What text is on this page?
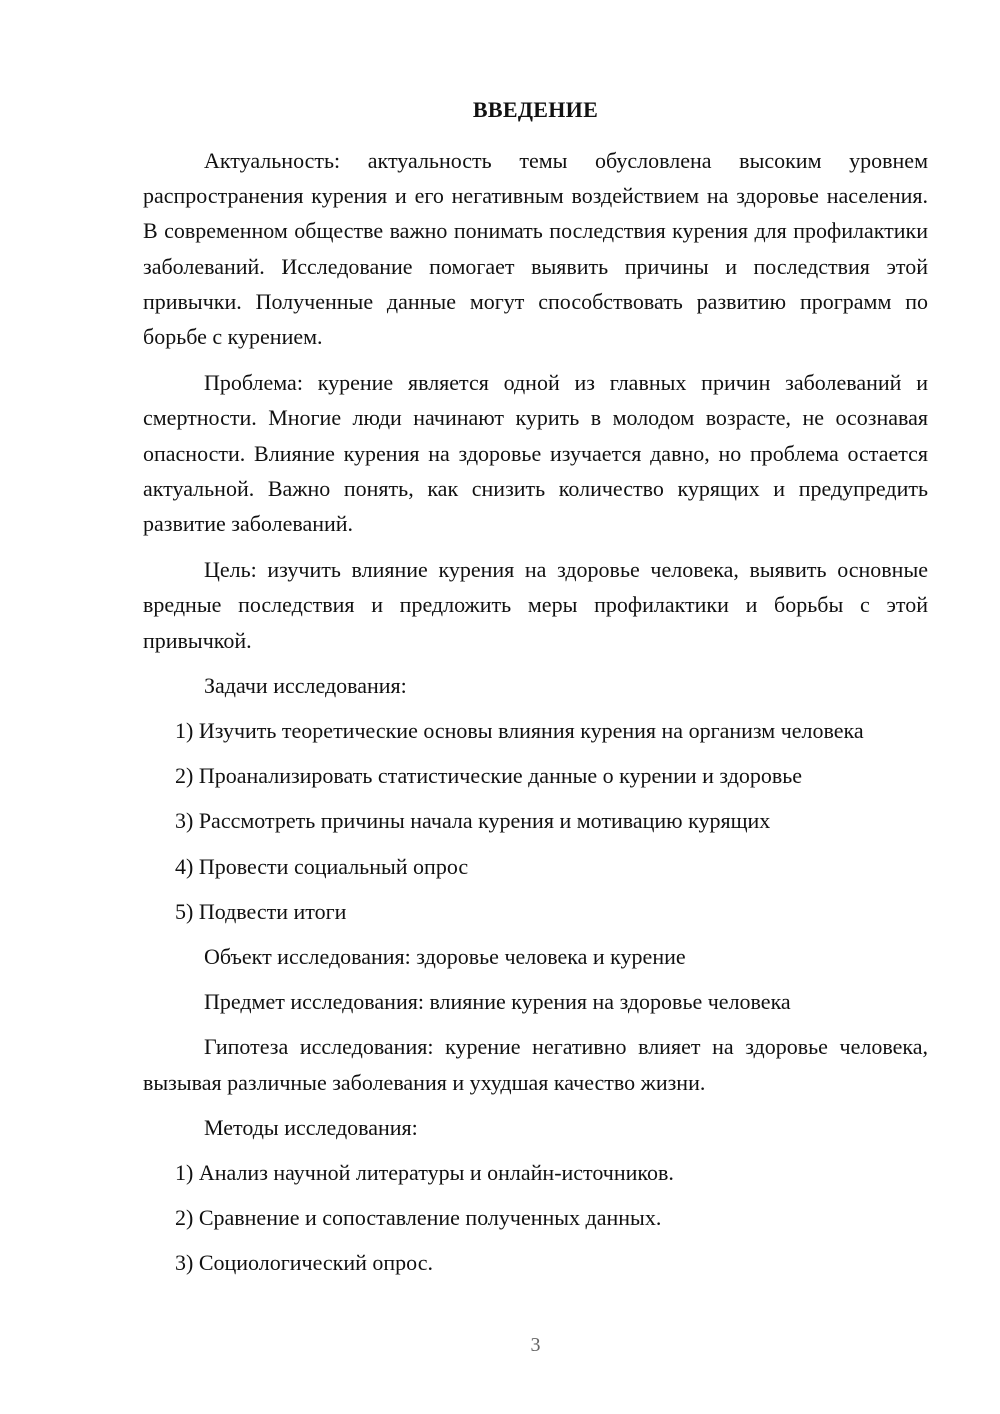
ВВЕДЕНИЕ

Актуальность: актуальность темы обусловлена высоким уровнем распространения курения и его негативным воздействием на здоровье населения. В современном обществе важно понимать последствия курения для профилактики заболеваний. Исследование помогает выявить причины и последствия этой привычки. Полученные данные могут способствовать развитию программ по борьбе с курением.

Проблема: курение является одной из главных причин заболеваний и смертности. Многие люди начинают курить в молодом возрасте, не осознавая опасности. Влияние курения на здоровье изучается давно, но проблема остается актуальной. Важно понять, как снизить количество курящих и предупредить развитие заболеваний.

Цель: изучить влияние курения на здоровье человека, выявить основные вредные последствия и предложить меры профилактики и борьбы с этой привычкой.

Задачи исследования:

1) Изучить теоретические основы влияния курения на организм человека

2) Проанализировать статистические данные о курении и здоровье

3) Рассмотреть причины начала курения и мотивацию курящих

4) Провести социальный опрос

5) Подвести итоги

Объект исследования: здоровье человека и курение

Предмет исследования: влияние курения на здоровье человека

Гипотеза исследования: курение негативно влияет на здоровье человека, вызывая различные заболевания и ухудшая качество жизни.

Методы исследования:

1) Анализ научной литературы и онлайн-источников.

2) Сравнение и сопоставление полученных данных.

3) Социологический опрос.

3
